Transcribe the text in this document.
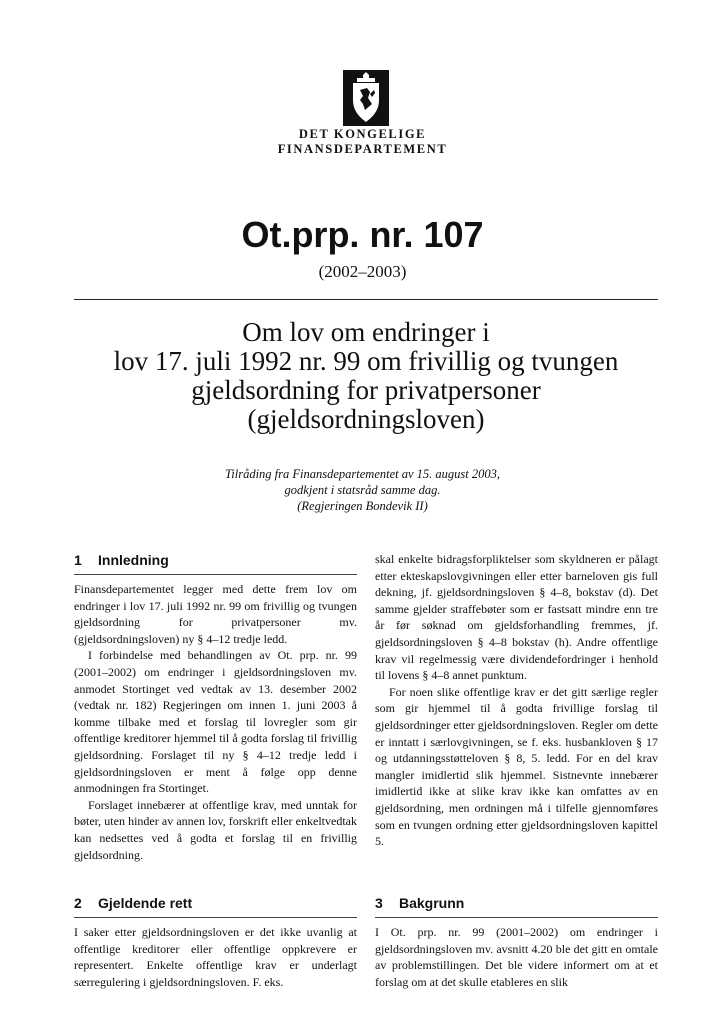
DET KONGELIGE
FINANSDEPARTEMENT
Ot.prp. nr. 107
(2002–2003)
Om lov om endringer i
lov 17. juli 1992 nr. 99 om frivillig og tvungen
gjeldsordning for privatpersoner
(gjeldsordningsloven)
Tilråding fra Finansdepartementet av 15. august 2003,
godkjent i statsråd samme dag.
(Regjeringen Bondevik II)
1 Innledning

Finansdepartementet legger med dette frem lov om endringer i lov 17. juli 1992 nr. 99 om frivillig og tvungen gjeldsordning for privatpersoner mv. (gjeldsordningsloven) ny § 4–12 tredje ledd.

I forbindelse med behandlingen av Ot. prp. nr. 99 (2001–2002) om endringer i gjeldsordningsloven mv. anmodet Stortinget ved vedtak av 13. desember 2002 (vedtak nr. 182) Regjeringen om innen 1. juni 2003 å komme tilbake med et forslag til lovregler som gir offentlige kreditorer hjemmel til å godta forslag til frivillig gjeldsordning. Forslaget til ny § 4–12 tredje ledd i gjeldsordningsloven er ment å følge opp denne anmodningen fra Stortinget.

Forslaget innebærer at offentlige krav, med unntak for bøter, uten hinder av annen lov, forskrift eller enkeltvedtak kan nedsettes ved å godta et forslag til en frivillig gjeldsordning.

skal enkelte bidragsforpliktelser som skyldneren er pålagt etter ekteskapslovgivningen eller etter barneloven gis full dekning, jf. gjeldsordningsloven § 4–8, bokstav (d). Det samme gjelder straffebøter som er fastsatt mindre enn tre år før søknad om gjeldsforhandling fremmes, jf. gjeldsordningsloven § 4–8 bokstav (h). Andre offentlige krav vil regelmessig være dividendefordringer i henhold til lovens § 4–8 annet punktum.

For noen slike offentlige krav er det gitt særlige regler som gir hjemmel til å godta frivillige forslag til gjeldsordninger etter gjeldsordningsloven. Regler om dette er inntatt i særlovgivningen, se f. eks. husbankloven § 17 og utdanningsstøtteloven § 8, 5. ledd. For en del krav mangler imidlertid slik hjemmel. Sistnevnte innebærer imidlertid ikke at slike krav ikke kan omfattes av en gjeldsordning, men ordningen må i tilfelle gjennomføres som en tvungen ordning etter gjeldsordningsloven kapittel 5.

2 Gjeldende rett

I saker etter gjeldsordningsloven er det ikke uvanlig at offentlige kreditorer eller offentlige oppkrevere er representert. Enkelte offentlige krav er underlagt særregulering i gjeldsordningsloven. F. eks.

3 Bakgrunn

I Ot. prp. nr. 99 (2001–2002) om endringer i gjeldsordningsloven mv. avsnitt 4.20 ble det gitt en omtale av problemstillingen. Det ble videre informert om at et forslag om at det skulle etableres en slik
